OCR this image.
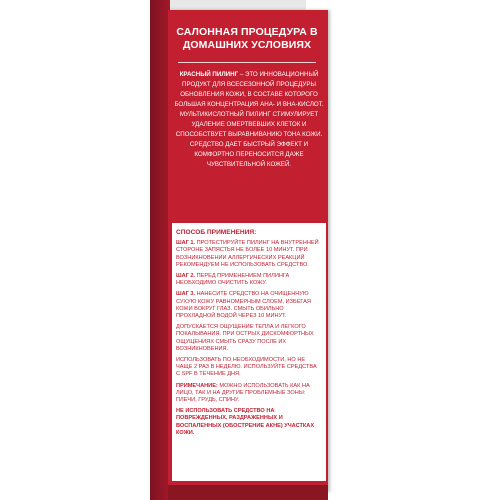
САЛОННАЯ ПРОЦЕДУРА В ДОМАШНИХ УСЛОВИЯХ
КРАСНЫЙ ПИЛИНГ – ЭТО ИННОВАЦИОННЫЙ ПРОДУКТ ДЛЯ ВСЕСЕЗОННОЙ ПРОЦЕДУРЫ ОБНОВЛЕНИЯ КОЖИ, В СОСТАВЕ КОТОРОГО БОЛЬШАЯ КОНЦЕНТРАЦИЯ АНА- И BHA-КИСЛОТ. МУЛЬТИКИСЛОТНЫЙ ПИЛИНГ СТИМУЛИРУЕТ УДАЛЕНИЕ ОМЕРТВЕВШИХ КЛЕТОК И СПОСОБСТВУЕТ ВЫРАВНИВАНИЮ ТОНА КОЖИ. СРЕДСТВО ДАЕТ БЫСТРЫЙ ЭФФЕКТ И КОМФОРТНО ПЕРЕНОСИТСЯ ДАЖЕ ЧУВСТВИТЕЛЬНОЙ КОЖЕЙ.
СПОСОБ ПРИМЕНЕНИЯ:
ШАГ 1. ПРОТЕСТИРУЙТЕ ПИЛИНГ НА ВНУТРЕННЕЙ СТОРОНЕ ЗАПЯСТЬЯ НЕ БОЛЕЕ 10 МИНУТ. ПРИ ВОЗНИКНОВЕНИИ АЛЛЕРГИЧЕСКИХ РЕАКЦИЙ РЕКОМЕНДУЕМ НЕ ИСПОЛЬЗОВАТЬ СРЕДСТВО.
ШАГ 2. ПЕРЕД ПРИМЕНЕНИЕМ ПИЛИНГА НЕОБХОДИМО ОЧИСТИТЬ КОЖУ.
ШАГ 3. НАНЕСИТЕ СРЕДСТВО НА ОЧИЩЕННУЮ СУХУЮ КОЖУ РАВНОМЕРНЫМ СЛОЕМ, ИЗБЕГАЯ КОЖИ ВОКРУГ ГЛАЗ. СМЫТЬ ОБИЛЬНО ПРОХЛАДНОЙ ВОДОЙ ЧЕРЕЗ 10 МИНУТ.
ДОПУСКАЕТСЯ ОЩУЩЕНИЕ ТЕПЛА И ЛЕГКОГО ПОКАЛЫВАНИЯ. ПРИ ОСТРЫХ ДИСКОМФОРТНЫХ ОЩУЩЕНИЯХ СМЫТЬ СРАЗУ ПОСЛЕ ИХ ВОЗНИКНОВЕНИЯ.
ИСПОЛЬЗОВАТЬ ПО НЕОБХОДИМОСТИ, НО НЕ ЧАЩЕ 2 РАЗ В НЕДЕЛЮ. ИСПОЛЬЗУЙТЕ СРЕДСТВА С SPF В ТЕЧЕНИЕ ДНЯ.
ПРИМЕЧАНИЕ: МОЖНО ИСПОЛЬЗОВАТЬ КАК НА ЛИЦО, ТАК И НА ДРУГИЕ ПРОБЛЕМНЫЕ ЗОНЫ: ПЛЕЧИ, ГРУДЬ, СПИНУ.
НЕ ИСПОЛЬЗОВАТЬ СРЕДСТВО НА ПОВРЕЖДЕННЫХ, РАЗДРАЖЕННЫХ И ВОСПАЛЕННЫХ (ОБОСТРЕНИЕ АКНЕ) УЧАСТКАХ КОЖИ.
